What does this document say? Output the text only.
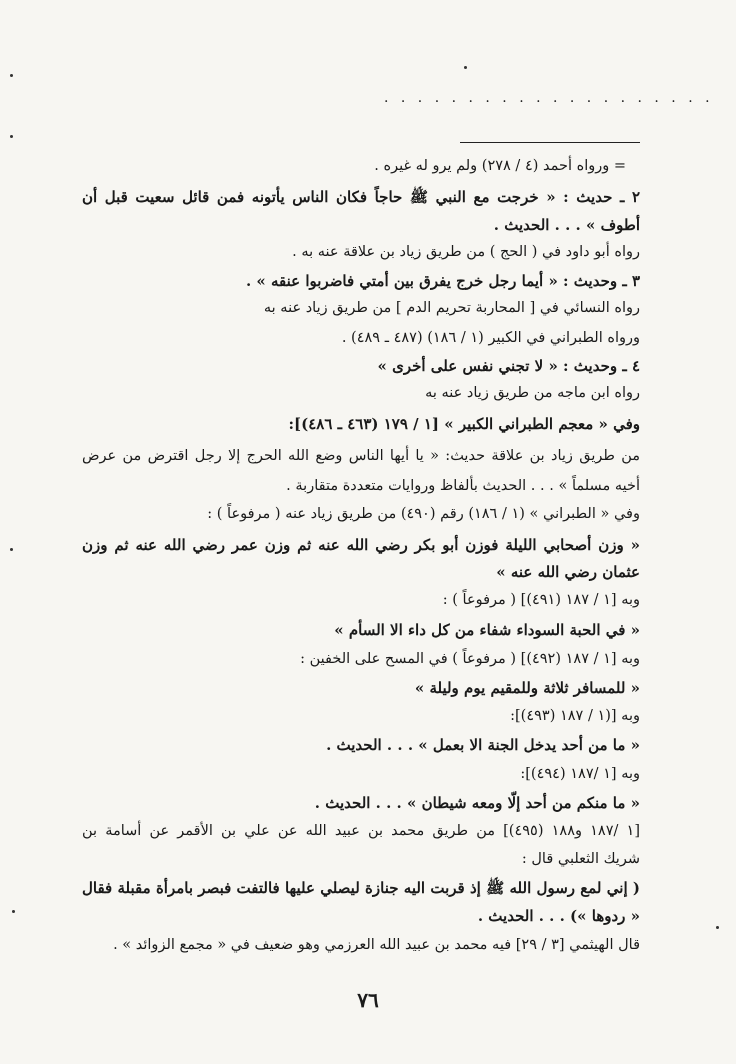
· · · · · · · · · · · · · · · · · · · ·
= ورواه أحمد (٤ / ٢٧٨) ولم يرو له غيره .
٢ ـ حديث : « خرجت مع النبي ﷺ حاجاً فكان الناس يأتونه فمن قائل سعيت قبل أن
أطوف » . . . الحديث .
رواه أبو داود في ( الحج ) من طريق زياد بن علاقة عنه به .
٣ ـ وحديث : « أيما رجل خرج يفرق بين أمتي فاضربوا عنقه » .
رواه النسائي في [ المحاربة تحريم الدم ] من طريق زياد عنه به
ورواه الطبراني في الكبير (١ / ١٨٦) (٤٨٧ ـ ٤٨٩) .
٤ ـ وحديث : « لا تجني نفس على أخرى »
رواه ابن ماجه من طريق زياد عنه به
وفي « معجم الطبراني الكبير » [١ / ١٧٩ (٤٦٣ ـ ٤٨٦)]:
من طريق زياد بن علاقة حديث: « يا أيها الناس وضع الله الحرج إلا رجل اقترض من عرض
أخيه مسلماً » . . . الحديث بألفاظ وروايات متعددة متقاربة .
وفي « الطبراني » (١ / ١٨٦) رقم (٤٩٠) من طريق زياد عنه ( مرفوعاً ) :
« وزن أصحابي الليلة فوزن أبو بكر رضي الله عنه ثم وزن عمر رضي الله عنه ثم وزن
عثمان رضي الله عنه »
وبه [١ / ١٨٧ (٤٩١)] ( مرفوعاً ) :
« في الحبة السوداء شفاء من كل داء الا السأم »
وبه [١ / ١٨٧ (٤٩٢)] ( مرفوعاً ) في المسح على الخفين :
« للمسافر ثلاثة وللمقيم يوم وليلة »
وبه [(١ / ١٨٧ (٤٩٣)]:
« ما من أحد يدخل الجنة الا بعمل » . . . الحديث .
وبه [١ /١٨٧ (٤٩٤)]:
« ما منكم من أحد إلّا ومعه شيطان » . . . الحديث .
[١ /١٨٧ و١٨٨ (٤٩٥)] من طريق محمد بن عبيد الله عن علي بن الأقمر عن أسامة بن
شريك الثعلبي قال :
( إني لمع رسول الله ﷺ إذ قربت اليه جنازة ليصلي عليها فالتفت فبصر بامرأة مقبلة فقال
« ردوها ») . . . الحديث .
قال الهيثمي [٣ / ٢٩] فيه محمد بن عبيد الله العرزمي وهو ضعيف في « مجمع الزوائد » .
٧٦
